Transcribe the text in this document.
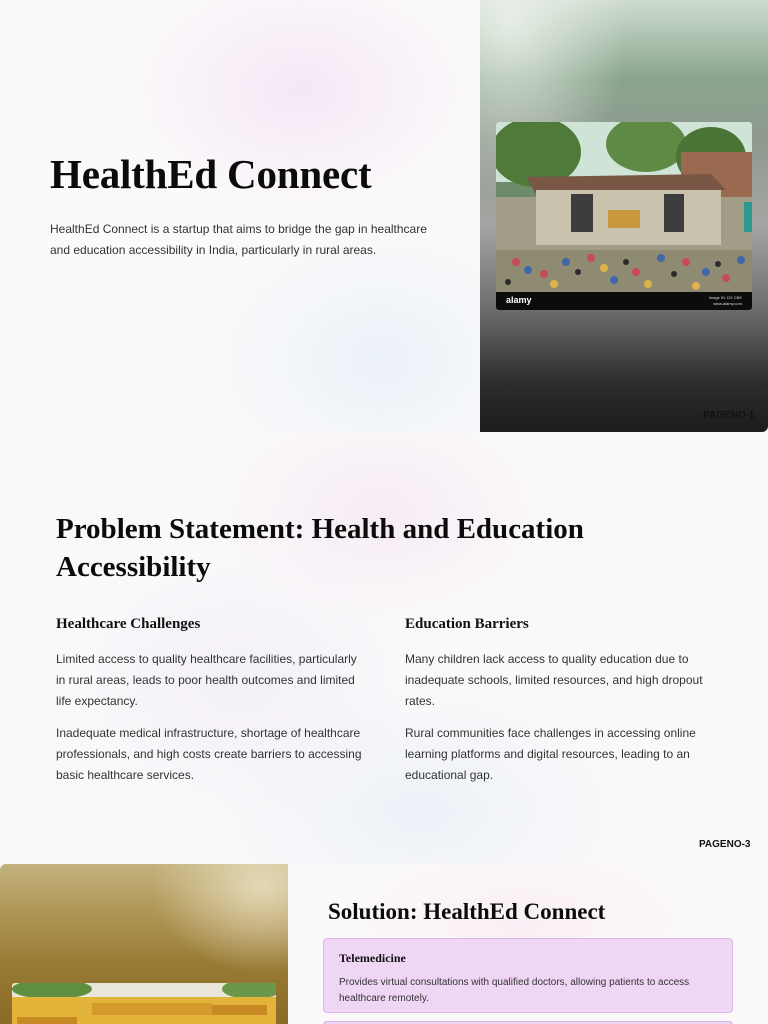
HealthEd Connect

HealthEd Connect is a startup that aims to bridge the gap in healthcare and education accessibility in India, particularly in rural areas.

alamy	Image ID: DX CBE
www.alamy.com
PAGENO-1
Problem Statement: Health and Education Accessibility
Healthcare Challenges

Limited access to quality healthcare facilities, particularly in rural areas, leads to poor health outcomes and limited life expectancy.

Inadequate medical infrastructure, shortage of healthcare professionals, and high costs create barriers to accessing basic healthcare services.

Education Barriers

Many children lack access to quality education due to inadequate schools, limited resources, and high dropout rates.

Rural communities face challenges in accessing online learning platforms and digital resources, leading to an educational gap.

PAGENO-3
Solution: HealthEd Connect
Telemedicine

Provides virtual consultations with qualified doctors, allowing patients to access healthcare remotely.
